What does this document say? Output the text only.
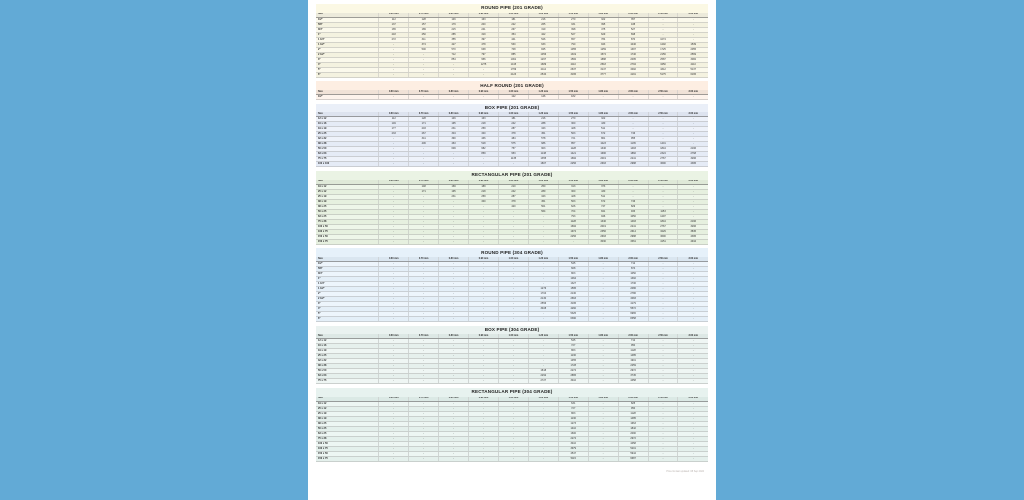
ROUND PIPE (201 GRADE)
Size	0.60 mm	0.70 mm	0.80 mm	0.90 mm	1.00 mm	1.20 mm	1.50 mm	1.80 mm	2.00 mm	2.50 mm	3.00 mm
1/2"	112	128	146	163	181	216	270	322	357	-	-
5/8"	137	157	179	200	222	265	331	395	438	-	-
3/4"	165	189	215	241	267	319	398	475	527	-	-
1"	218	250	285	319	354	422	527	629	698	-	-
1 1/4"	272	311	355	397	441	526	657	784	870	1074	-
1 1/2"	-	374	427	478	530	633	790	943	1046	1292	1539
2"	-	500	570	638	708	845	1055	1259	1397	1725	2055
2 1/2"	-	-	712	797	885	1056	1319	1574	1746	2156	2569
3"	-	-	854	956	1061	1267	1582	1888	2095	2587	3082
4"	-	-	-	1275	1415	1689	2110	2518	2794	3450	4110
5"	-	-	-	-	1769	2112	2637	3147	3492	4312	5137
6"	-	-	-	-	2123	2534	3165	3777	4191	5175	6165
HALF ROUND (201 GRADE)
Size	0.60 mm	0.70 mm	0.80 mm	0.90 mm	1.00 mm	1.20 mm	1.50 mm	1.80 mm	2.00 mm	2.50 mm	3.00 mm
1/2"	-	-	-	-	122	146	182	-	-	-	-
BOX PIPE (201 GRADE)
Size	0.60 mm	0.70 mm	0.80 mm	0.90 mm	1.00 mm	1.20 mm	1.50 mm	1.80 mm	2.00 mm	2.50 mm	3.00 mm
12 x 12	112	128	146	163	181	216	270	322	-	-	-
16 x 16	149	171	195	218	242	288	360	430	-	-	-
19 x 19	177	203	231	259	287	343	428	511	-	-	-
25 x 25	233	267	304	340	378	451	563	672	746	-	-
32 x 32	-	341	390	436	484	578	721	861	955	-	-
38 x 38	-	406	463	518	575	686	857	1023	1135	1401	-
50 x 50	-	-	609	682	757	903	1128	1346	1493	1844	2196
63 x 63	-	-	-	859	953	1138	1421	1696	1882	2324	2768
75 x 75	-	-	-	-	1135	1355	1692	2019	2241	2767	3296
100 x 100	-	-	-	-	-	1807	2256	2693	2988	3690	4395
RECTANGULAR PIPE (201 GRADE)
Size	0.60 mm	0.70 mm	0.80 mm	0.90 mm	1.00 mm	1.20 mm	1.50 mm	1.80 mm	2.00 mm	2.50 mm	3.00 mm
19 x 12	-	148	169	189	210	250	313	373	-	-	-
25 x 12	-	171	195	218	242	289	360	430	-	-	-
25 x 19	-	-	231	259	287	343	428	511	-	-	-
38 x 19	-	-	-	340	378	451	563	672	746	-	-
38 x 25	-	-	-	-	420	501	626	747	829	-	-
50 x 25	-	-	-	-	-	564	704	841	933	1153	-
63 x 25	-	-	-	-	-	-	793	946	1050	1297	-
75 x 38	-	-	-	-	-	-	1128	1346	1493	1844	2196
100 x 50	-	-	-	-	-	-	1692	2019	2241	2767	3296
100 x 75	-	-	-	-	-	-	1974	2356	2614	3229	3845
150 x 50	-	-	-	-	-	-	2256	2693	2988	3690	4395
150 x 75	-	-	-	-	-	-	-	3030	3361	4151	4944
ROUND PIPE (304 GRADE)
Size	0.60 mm	0.70 mm	0.80 mm	0.90 mm	1.00 mm	1.20 mm	1.50 mm	1.80 mm	2.00 mm	2.50 mm	3.00 mm
1/2"	-	-	-	-	-	-	545	-	712	-	-
5/8"	-	-	-	-	-	-	668	-	874	-	-
3/4"	-	-	-	-	-	-	803	-	1050	-	-
1"	-	-	-	-	-	-	1064	-	1392	-	-
1 1/4"	-	-	-	-	-	-	1327	-	1736	-	-
1 1/2"	-	-	-	-	-	1276	1595	-	2086	-	-
2"	-	-	-	-	-	1704	2130	-	2786	-	-
2 1/2"	-	-	-	-	-	2130	2663	-	3483	-	-
3"	-	-	-	-	-	2556	3195	-	4179	-	-
4"	-	-	-	-	-	3408	4260	-	5572	-	-
5"	-	-	-	-	-	-	5325	-	6965	-	-
6"	-	-	-	-	-	-	6390	-	8358	-	-
BOX PIPE (304 GRADE)
Size	0.60 mm	0.70 mm	0.80 mm	0.90 mm	1.00 mm	1.20 mm	1.50 mm	1.80 mm	2.00 mm	2.50 mm	3.00 mm
12 x 12	-	-	-	-	-	-	545	-	712	-	-
16 x 16	-	-	-	-	-	-	727	-	950	-	-
19 x 19	-	-	-	-	-	-	863	-	1128	-	-
25 x 25	-	-	-	-	-	-	1136	-	1485	-	-
32 x 32	-	-	-	-	-	-	1455	-	1901	-	-
38 x 38	-	-	-	-	-	-	1728	-	2259	-	-
50 x 50	-	-	-	-	-	1818	2274	-	2972	-	-
63 x 63	-	-	-	-	-	2292	2865	-	3745	-	-
75 x 75	-	-	-	-	-	2727	3410	-	4458	-	-
RECTANGULAR PIPE (304 GRADE)
Size	0.60 mm	0.70 mm	0.80 mm	0.90 mm	1.00 mm	1.20 mm	1.50 mm	1.80 mm	2.00 mm	2.50 mm	3.00 mm
19 x 12	-	-	-	-	-	-	631	-	825	-	-
25 x 12	-	-	-	-	-	-	727	-	950	-	-
25 x 19	-	-	-	-	-	-	863	-	1128	-	-
38 x 19	-	-	-	-	-	-	1136	-	1485	-	-
38 x 25	-	-	-	-	-	-	1273	-	1663	-	-
50 x 25	-	-	-	-	-	-	1410	-	1842	-	-
63 x 25	-	-	-	-	-	-	1600	-	2090	-	-
75 x 38	-	-	-	-	-	-	2274	-	2972	-	-
100 x 50	-	-	-	-	-	-	3410	-	4458	-	-
100 x 75	-	-	-	-	-	-	3979	-	5201	-	-
150 x 50	-	-	-	-	-	-	4547	-	5944	-	-
150 x 75	-	-	-	-	-	-	5115	-	6687	-	-
Price list last updated: 08 Sep 2024
